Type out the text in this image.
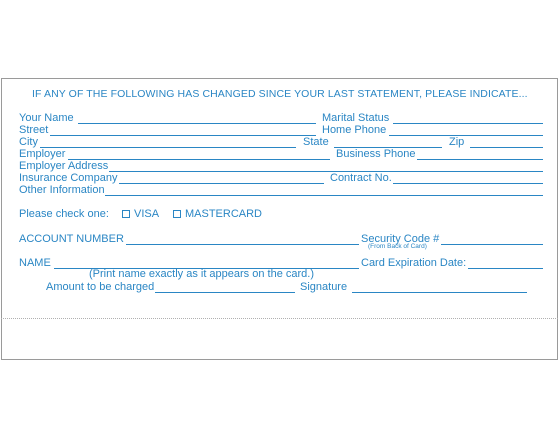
IF ANY OF THE FOLLOWING HAS CHANGED SINCE YOUR LAST STATEMENT, PLEASE INDICATE...
Your Name	Marital Status
Street	Home Phone
City	State	Zip
Employer	Business Phone
Employer Address
Insurance Company	Contract No.
Other Information
Please check one:	VISA	MASTERCARD
ACCOUNT NUMBER	Security Code #
(From Back of Card)
NAME	Card Expiration Date:
(Print name exactly as it appears on the card.)
Amount to be charged	Signature
